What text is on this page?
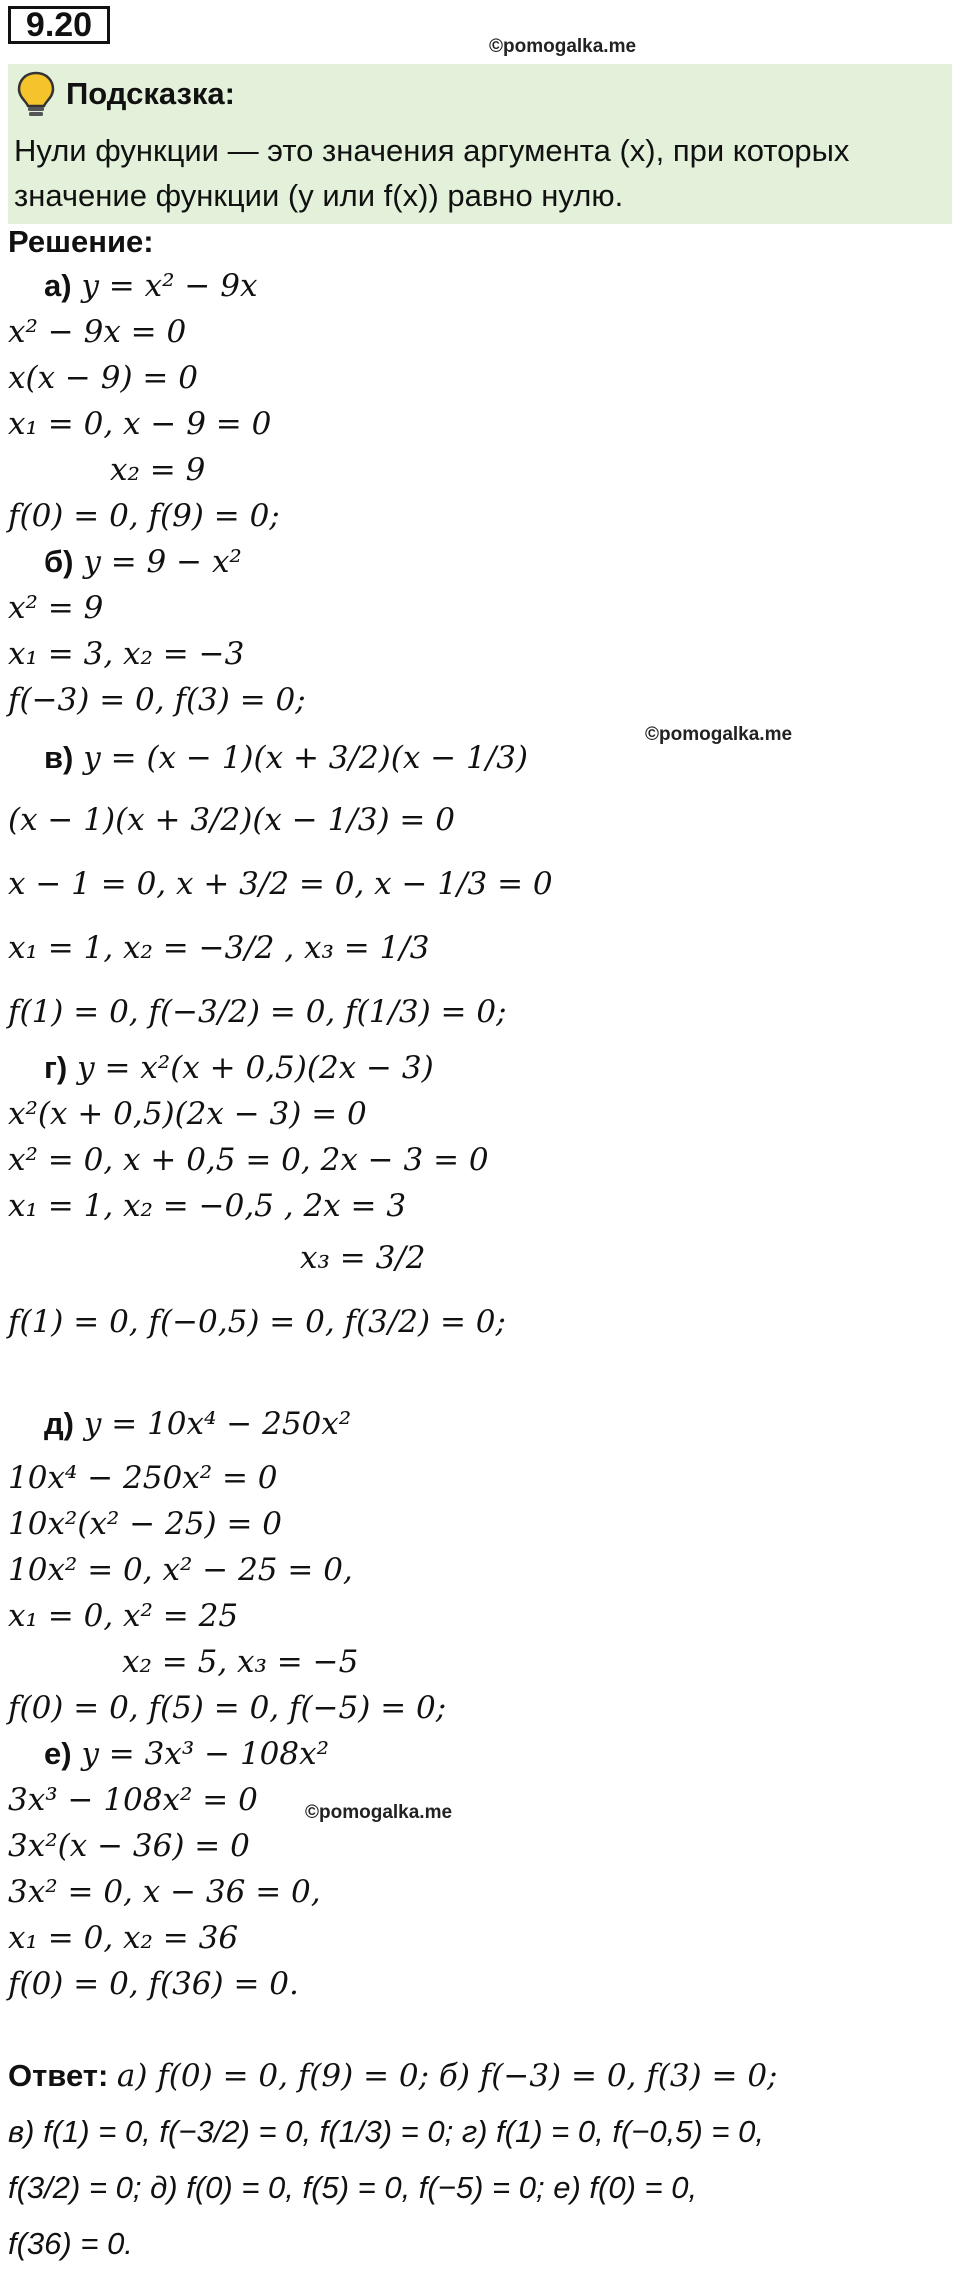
9.20
©pomogalka.me
Подсказка:
Нули функции — это значения аргумента (x), при которых значение функции (y или f(x)) равно нулю.
Решение:
а) y = x² − 9x
x² − 9x = 0
x(x − 9) = 0
x₁ = 0, x − 9 = 0
x₂ = 9
f(0) = 0, f(9) = 0;
б) y = 9 − x²
x² = 9
x₁ = 3, x₂ = −3
f(−3) = 0, f(3) = 0;
©pomogalka.me
в) y = (x − 1)(x + 3/2)(x − 1/3)
(x − 1)(x + 3/2)(x − 1/3) = 0
x − 1 = 0, x + 3/2 = 0, x − 1/3 = 0
x₁ = 1, x₂ = −3/2 , x₃ = 1/3
f(1) = 0, f(−3/2) = 0, f(1/3) = 0;
г) y = x²(x + 0,5)(2x − 3)
x²(x + 0,5)(2x − 3) = 0
x² = 0, x + 0,5 = 0, 2x − 3 = 0
x₁ = 1, x₂ = −0,5 , 2x = 3
x₃ = 3/2
f(1) = 0, f(−0,5) = 0, f(3/2) = 0;
д) y = 10x⁴ − 250x²
10x⁴ − 250x² = 0
10x²(x² − 25) = 0
10x² = 0, x² − 25 = 0,
x₁ = 0, x² = 25
x₂ = 5, x₃ = −5
f(0) = 0, f(5) = 0, f(−5) = 0;
е) y = 3x³ − 108x²
3x³ − 108x² = 0 ©pomogalka.me
3x²(x − 36) = 0
3x² = 0, x − 36 = 0,
x₁ = 0, x₂ = 36
f(0) = 0, f(36) = 0.
Ответ: а) f(0) = 0, f(9) = 0; б) f(−3) = 0, f(3) = 0;
в) f(1) = 0, f(−3/2) = 0, f(1/3) = 0; г) f(1) = 0, f(−0,5) = 0,
f(3/2) = 0; д) f(0) = 0, f(5) = 0, f(−5) = 0; е) f(0) = 0,
f(36) = 0.
